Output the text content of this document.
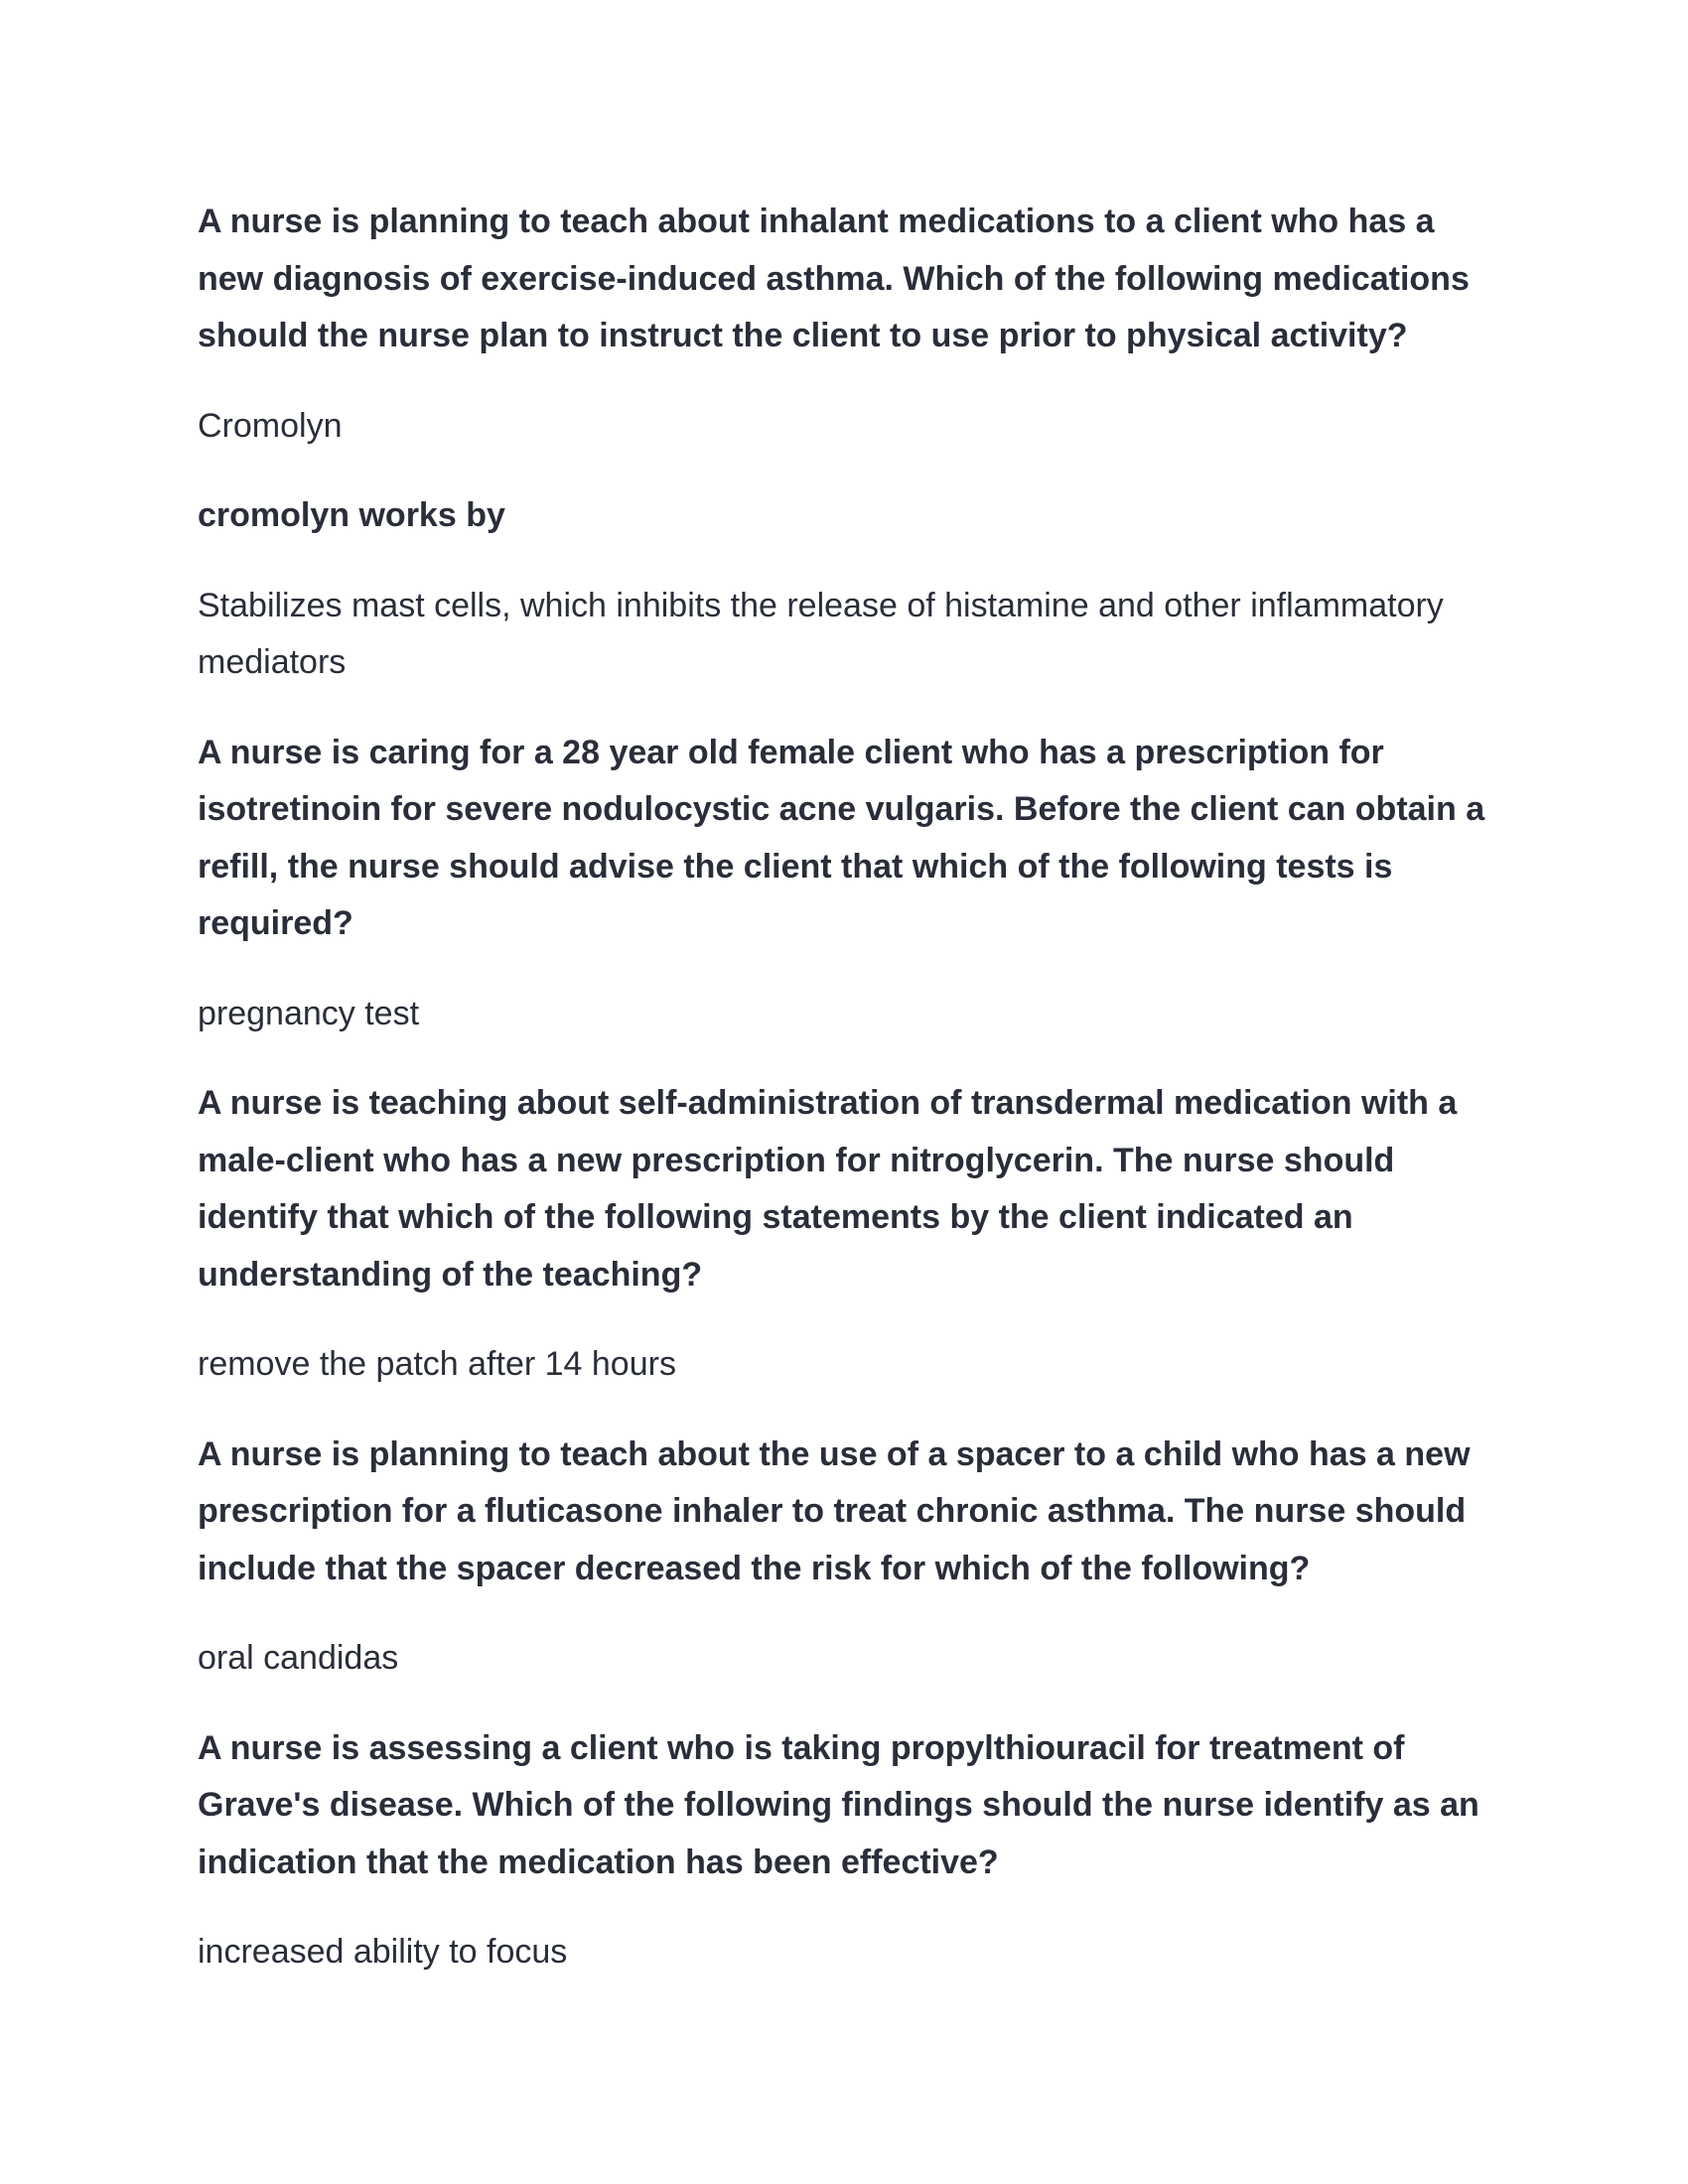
A nurse is planning to teach about inhalant medications to a client who has a new diagnosis of exercise-induced asthma. Which of the following medications should the nurse plan to instruct the client to use prior to physical activity?

Cromolyn

cromolyn works by

Stabilizes mast cells, which inhibits the release of histamine and other inflammatory mediators

A nurse is caring for a 28 year old female client who has a prescription for isotretinoin for severe nodulocystic acne vulgaris. Before the client can obtain a refill, the nurse should advise the client that which of the following tests is required?

pregnancy test

A nurse is teaching about self-administration of transdermal medication with a male-client who has a new prescription for nitroglycerin. The nurse should identify that which of the following statements by the client indicated an understanding of the teaching?

remove the patch after 14 hours

A nurse is planning to teach about the use of a spacer to a child who has a new prescription for a fluticasone inhaler to treat chronic asthma. The nurse should include that the spacer decreased the risk for which of the following?

oral candidas

A nurse is assessing a client who is taking propylthiouracil for treatment of Grave's disease. Which of the following findings should the nurse identify as an indication that the medication has been effective?

increased ability to focus
